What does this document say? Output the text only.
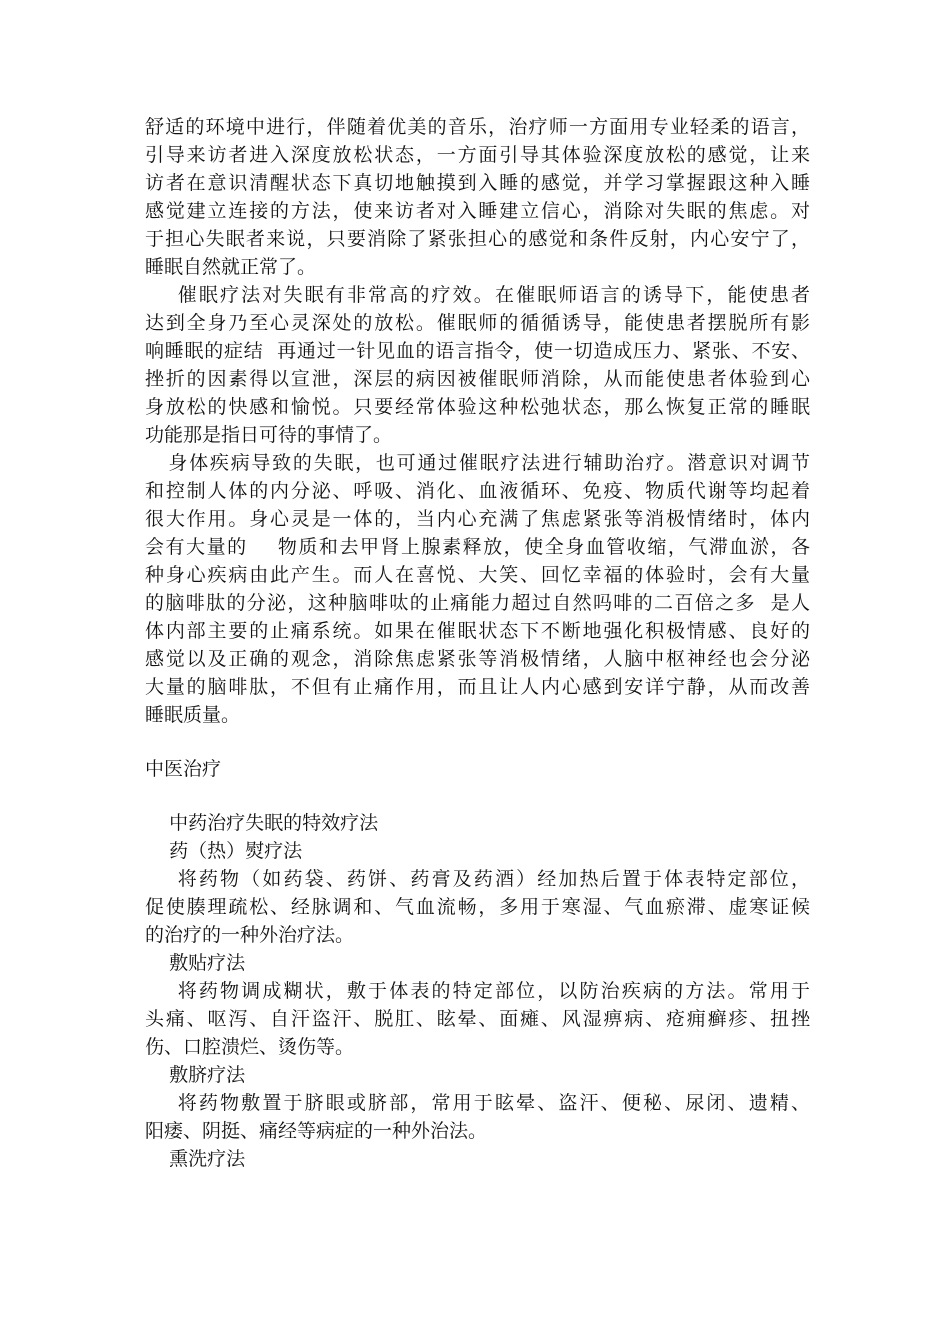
舒适的环境中进行，伴随着优美的音乐，治疗师一方面用专业轻柔的语言，
引导来访者进入深度放松状态，一方面引导其体验深度放松的感觉，让来
访者在意识清醒状态下真切地触摸到入睡的感觉，并学习掌握跟这种入睡
感觉建立连接的方法，使来访者对入睡建立信心，消除对失眠的焦虑。对
于担心失眠者来说，只要消除了紧张担心的感觉和条件反射，内心安宁了，
睡眠自然就正常了。
催眠疗法对失眠有非常高的疗效。在催眠师语言的诱导下，能使患者
达到全身乃至心灵深处的放松。催眠师的循循诱导，能使患者摆脱所有影
响睡眠的症结  再通过一针见血的语言指令，使一切造成压力、紧张、不安、
挫折的因素得以宣泄，深层的病因被催眠师消除，从而能使患者体验到心
身放松的快感和愉悦。只要经常体验这种松弛状态，那么恢复正常的睡眠
功能那是指日可待的事情了。
身体疾病导致的失眠，也可通过催眠疗法进行辅助治疗。潜意识对调节
和控制人体的内分泌、呼吸、消化、血液循环、免疫、物质代谢等均起着
很大作用。身心灵是一体的，当内心充满了焦虑紧张等消极情绪时，体内
会有大量的    物质和去甲肾上腺素释放，使全身血管收缩，气滞血淤，各
种身心疾病由此产生。而人在喜悦、大笑、回忆幸福的体验时，会有大量
的脑啡肽的分泌，这种脑啡呔的止痛能力超过自然吗啡的二百倍之多  是人
体内部主要的止痛系统。如果在催眠状态下不断地强化积极情感、良好的
感觉以及正确的观念，消除焦虑紧张等消极情绪，人脑中枢神经也会分泌
大量的脑啡肽，不但有止痛作用，而且让人内心感到安详宁静，从而改善
睡眠质量。
中医治疗
中药治疗失眠的特效疗法
药（热）熨疗法
将药物（如药袋、药饼、药膏及药酒）经加热后置于体表特定部位，
促使腠理疏松、经脉调和、气血流畅，多用于寒湿、气血瘀滞、虚寒证候
的治疗的一种外治疗法。
敷贴疗法
将药物调成糊状，敷于体表的特定部位，以防治疾病的方法。常用于
头痛、呕泻、自汗盗汗、脱肛、眩晕、面瘫、风湿痹病、疮痈癣疹、扭挫
伤、口腔溃烂、烫伤等。
敷脐疗法
将药物敷置于脐眼或脐部，常用于眩晕、盗汗、便秘、尿闭、遗精、
阳痿、阴挺、痛经等病症的一种外治法。
熏洗疗法
